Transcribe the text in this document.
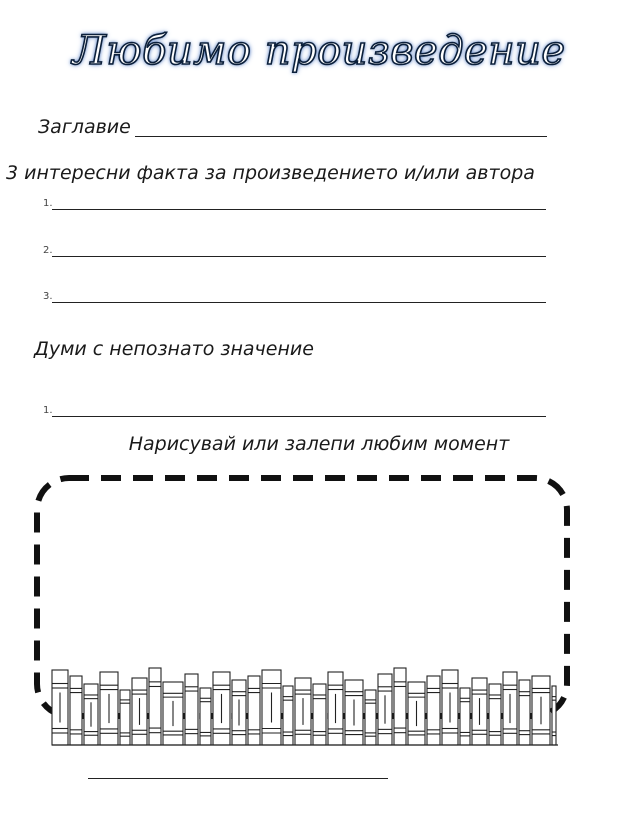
Любимо произведение
Заглавие
3 интересни факта за произведението и/или автора
1.
2.
3.
Думи с непознато значение
1.
Нарисувай или залепи любим момент
